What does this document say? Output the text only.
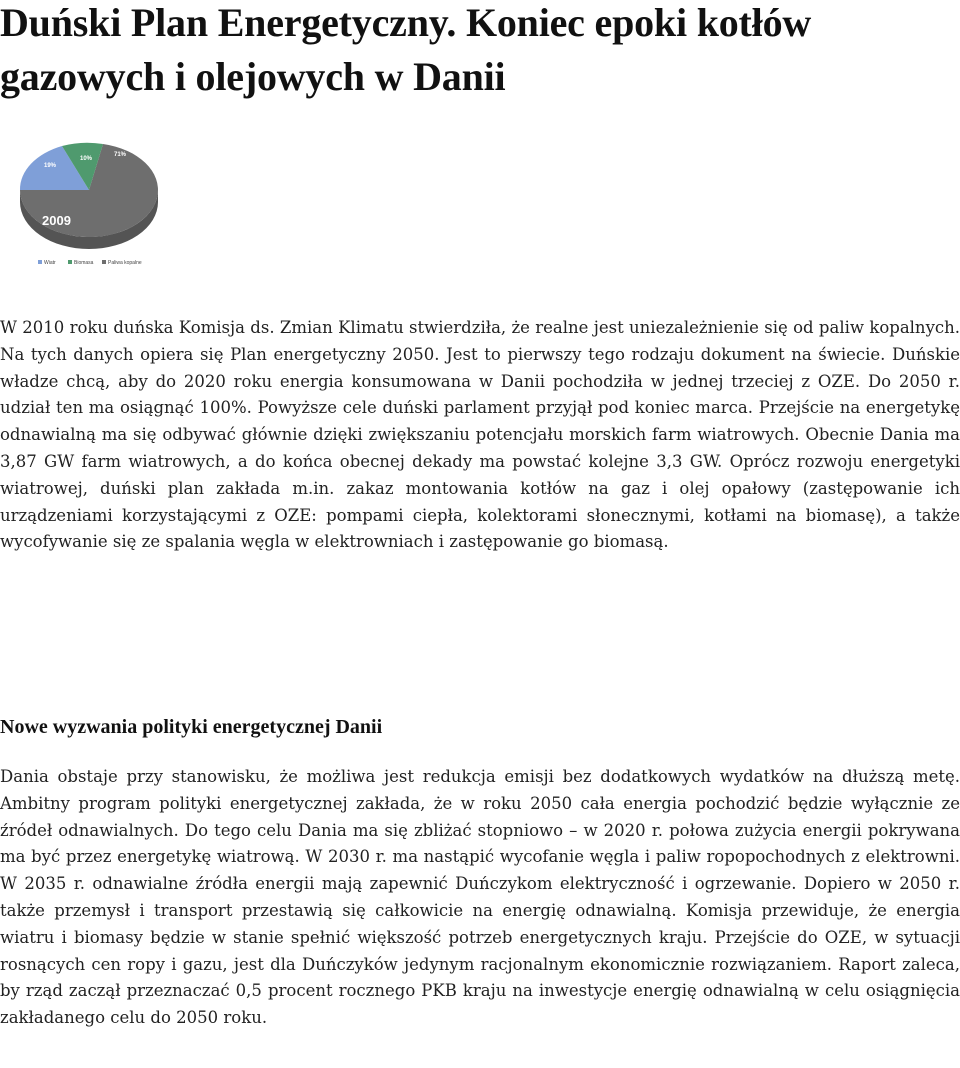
Duński Plan Energetyczny. Koniec epoki kotłów gazowych i olejowych w Danii
19%
10%
71%
2009
Wiatr	Biomasa	Paliwa kopalne

W 2010 roku duńska Komisja ds. Zmian Klimatu stwierdziła, że realne jest uniezależnienie się od paliw kopalnych. Na tych danych opiera się Plan energetyczny 2050. Jest to pierwszy tego rodzaju dokument na świecie. Duńskie władze chcą, aby do 2020 roku energia konsumowana w Danii pochodziła w jednej trzeciej z OZE. Do 2050 r. udział ten ma osiągnąć 100%. Powyższe cele duński parlament przyjął pod koniec marca. Przejście na energetykę odnawialną ma się odbywać głównie dzięki zwiększaniu potencjału morskich farm wiatrowych. Obecnie Dania ma 3,87 GW farm wiatrowych, a do końca obecnej dekady ma powstać kolejne 3,3 GW. Oprócz rozwoju energetyki wiatrowej, duński plan zakłada m.in. zakaz montowania kotłów na gaz i olej opałowy (zastępowanie ich urządzeniami korzystającymi z OZE: pompami ciepła, kolektorami słonecznymi, kotłami na biomasę), a także wycofywanie się ze spalania węgla w elektrowniach i zastępowanie go biomasą.

Nowe wyzwania polityki energetycznej Danii

Dania obstaje przy stanowisku, że możliwa jest redukcja emisji bez dodatkowych wydatków na dłuższą metę. Ambitny program polityki energetycznej zakłada, że w roku 2050 cała energia pochodzić będzie wyłącznie ze źródeł odnawialnych. Do tego celu Dania ma się zbliżać stopniowo – w 2020 r. połowa zużycia energii pokrywana ma być przez energetykę wiatrową. W 2030 r. ma nastąpić wycofanie węgla i paliw ropopochodnych z elektrowni. W 2035 r. odnawialne źródła energii mają zapewnić Duńczykom elektryczność i ogrzewanie. Dopiero w 2050 r. także przemysł i transport przestawią się całkowicie na energię odnawialną. Komisja przewiduje, że energia wiatru i biomasy będzie w stanie spełnić większość potrzeb energetycznych kraju. Przejście do OZE, w sytuacji rosnących cen ropy i gazu, jest dla Duńczyków jedynym racjonalnym ekonomicznie rozwiązaniem. Raport zaleca, by rząd zaczął przeznaczać 0,5 procent rocznego PKB kraju na inwestycje energię odnawialną w celu osiągnięcia zakładanego celu do 2050 roku.
